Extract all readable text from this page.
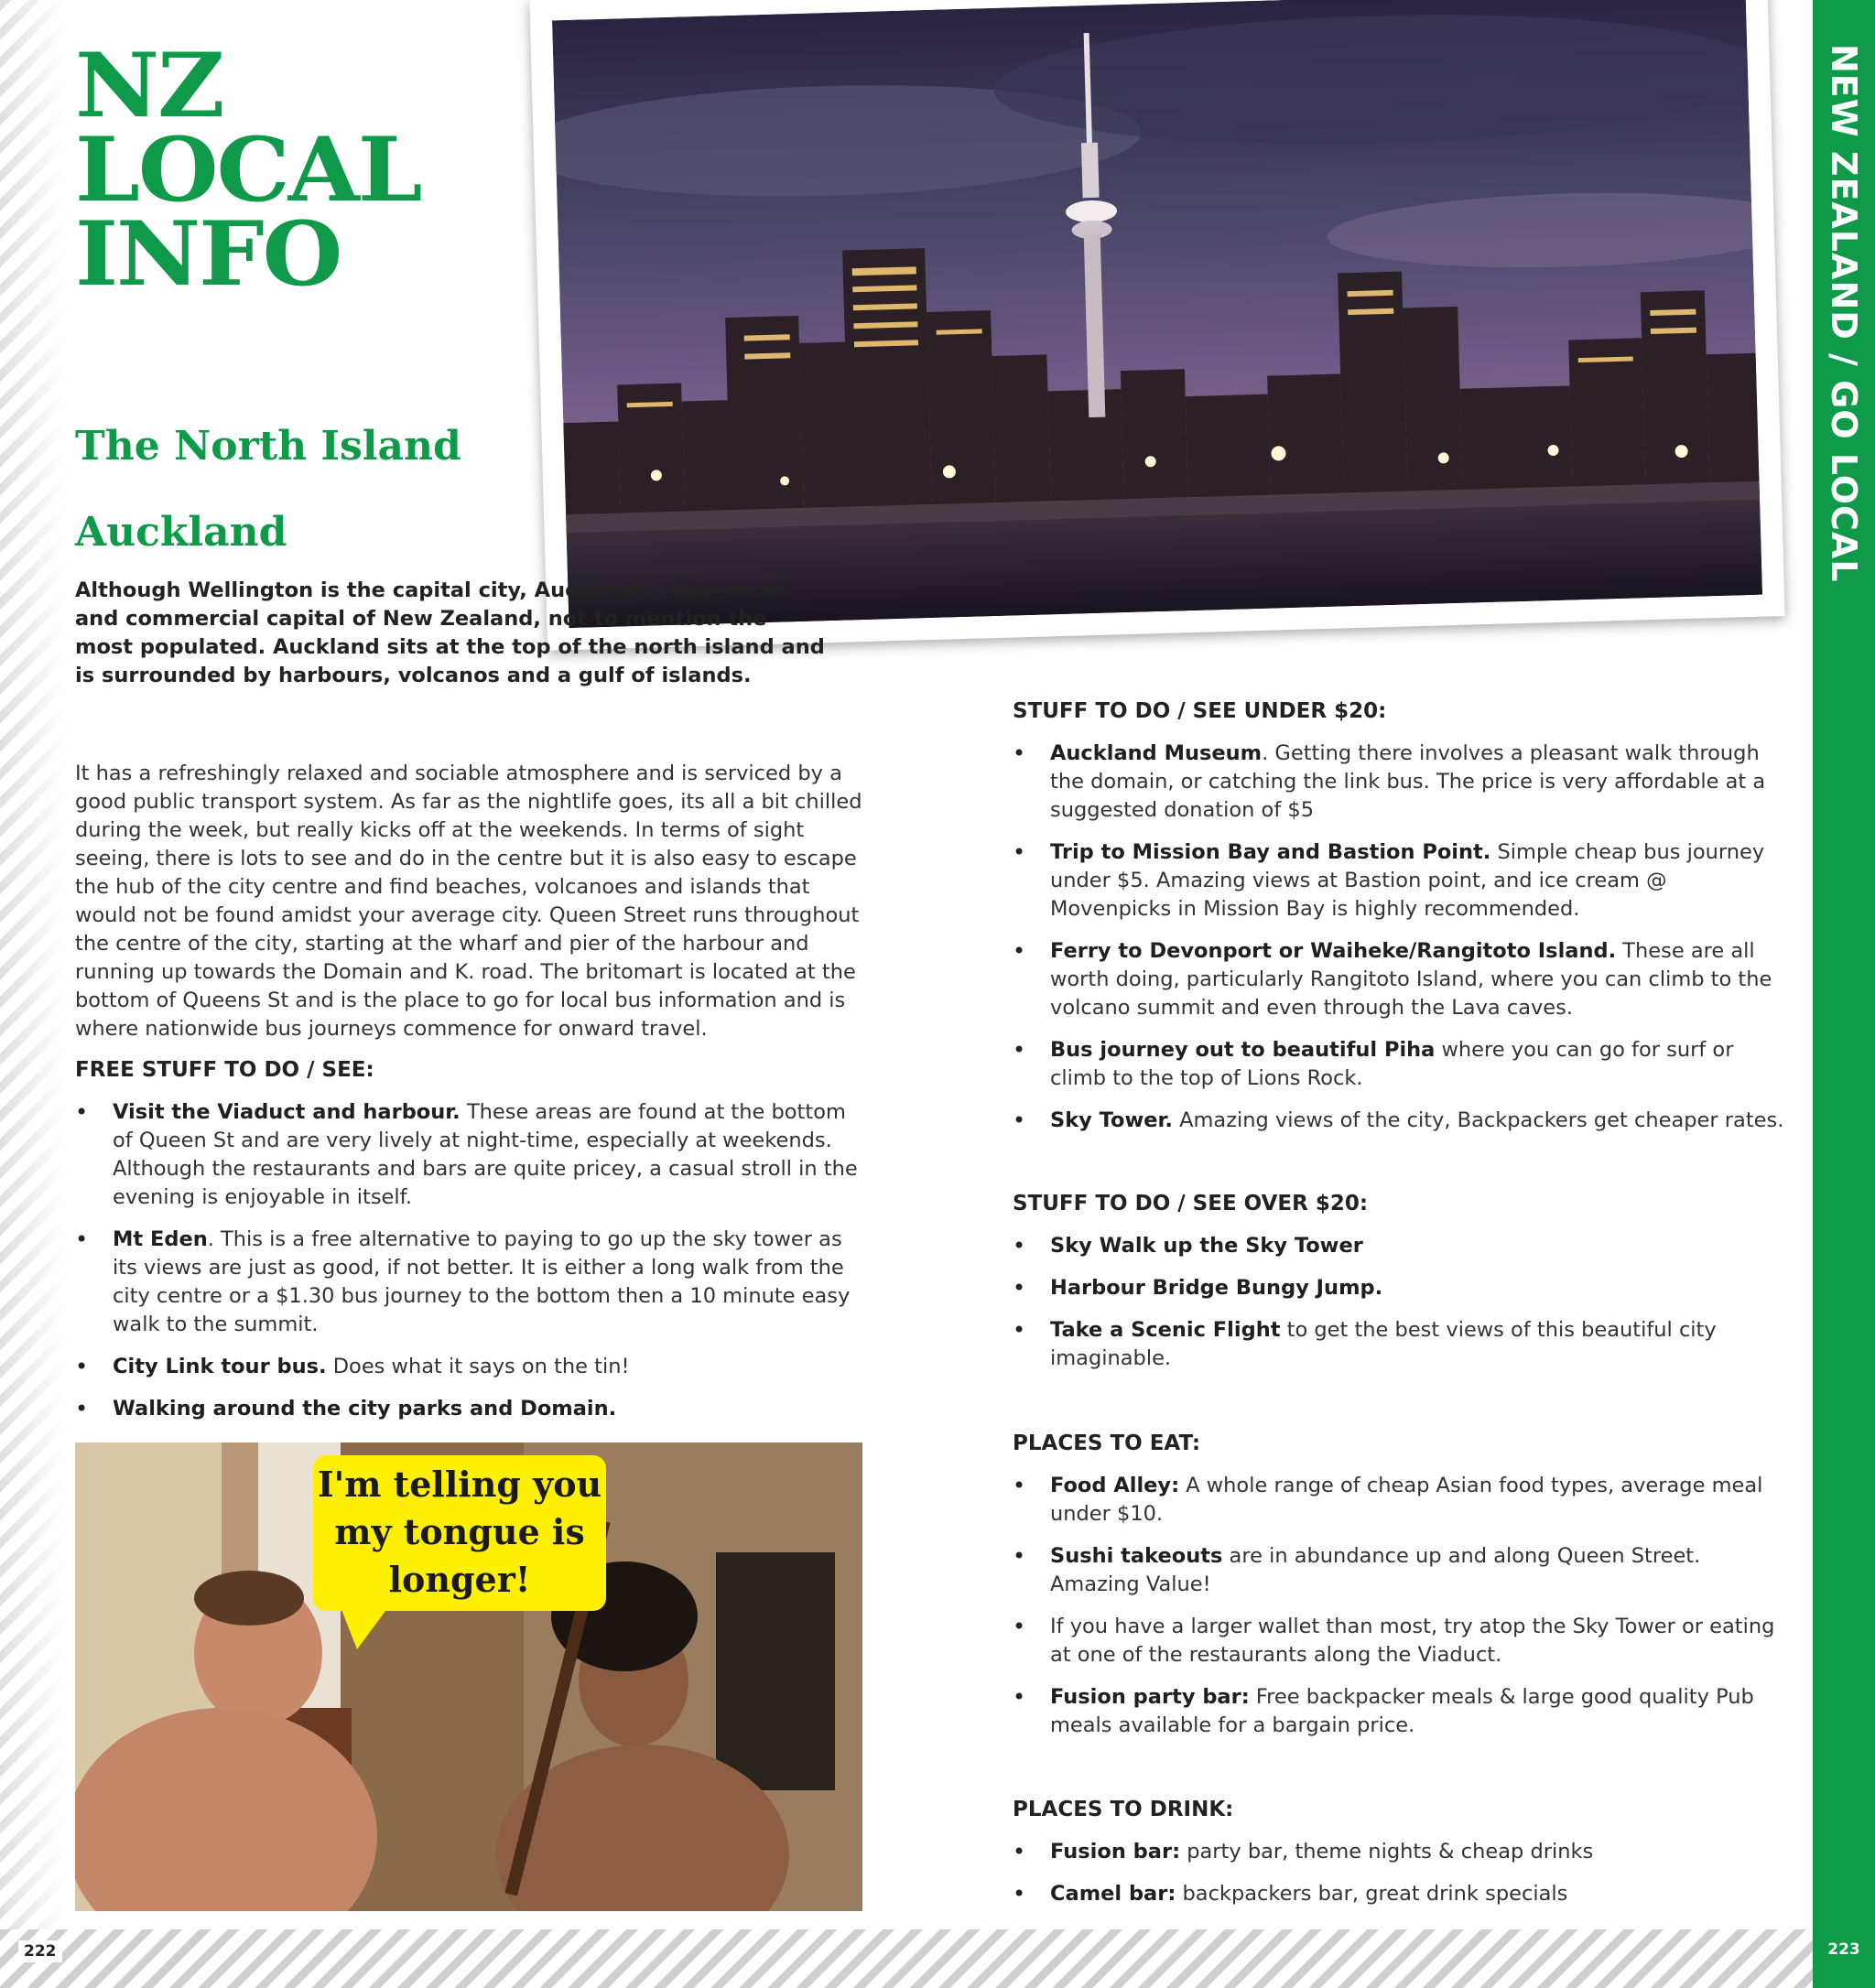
222
NEW ZEALAND / GO LOCAL
223
NZ
LOCAL
INFO
The North Island
Auckland

Although Wellington is the capital city, Auckland is the social and commercial capital of New Zealand, not to mention the most populated. Auckland sits at the top of the north island and is surrounded by harbours, volcanos and a gulf of islands.

It has a refreshingly relaxed and sociable atmosphere and is serviced by a good public transport system. As far as the nightlife goes, its all a bit chilled during the week, but really kicks off at the weekends. In terms of sight seeing, there is lots to see and do in the centre but it is also easy to escape the hub of the city centre and find beaches, volcanoes and islands that would not be found amidst your average city. Queen Street runs throughout the centre of the city, starting at the wharf and pier of the harbour and running up towards the Domain and K. road. The britomart is located at the bottom of Queens St and is the place to go for local bus information and is where nationwide bus journeys commence for onward travel.

FREE STUFF TO DO / SEE:
• Visit the Viaduct and harbour. These areas are found at the bottom of Queen St and are very lively at night-time, especially at weekends. Although the restaurants and bars are quite pricey, a casual stroll in the evening is enjoyable in itself.
• Mt Eden. This is a free alternative to paying to go up the sky tower as its views are just as good, if not better. It is either a long walk from the city centre or a $1.30 bus journey to the bottom then a 10 minute easy walk to the summit.
• City Link tour bus. Does what it says on the tin!
• Walking around the city parks and Domain.
I'm telling you
my tongue is
longer!
STUFF TO DO / SEE UNDER $20:
• Auckland Museum. Getting there involves a pleasant walk through the domain, or catching the link bus. The price is very affordable at a suggested donation of $5
• Trip to Mission Bay and Bastion Point. Simple cheap bus journey under $5. Amazing views at Bastion point, and ice cream @ Movenpicks in Mission Bay is highly recommended.
• Ferry to Devonport or Waiheke/Rangitoto Island. These are all worth doing, particularly Rangitoto Island, where you can climb to the volcano summit and even through the Lava caves.
• Bus journey out to beautiful Piha where you can go for surf or climb to the top of Lions Rock.
• Sky Tower. Amazing views of the city, Backpackers get cheaper rates.
STUFF TO DO / SEE OVER $20:
• Sky Walk up the Sky Tower
• Harbour Bridge Bungy Jump.
• Take a Scenic Flight to get the best views of this beautiful city imaginable.
PLACES TO EAT:
• Food Alley: A whole range of cheap Asian food types, average meal under $10.
• Sushi takeouts are in abundance up and along Queen Street. Amazing Value!
• If you have a larger wallet than most, try atop the Sky Tower or eating at one of the restaurants along the Viaduct.
• Fusion party bar: Free backpacker meals & large good quality Pub meals available for a bargain price.
PLACES TO DRINK:
• Fusion bar: party bar, theme nights & cheap drinks
• Camel bar: backpackers bar, great drink specials
